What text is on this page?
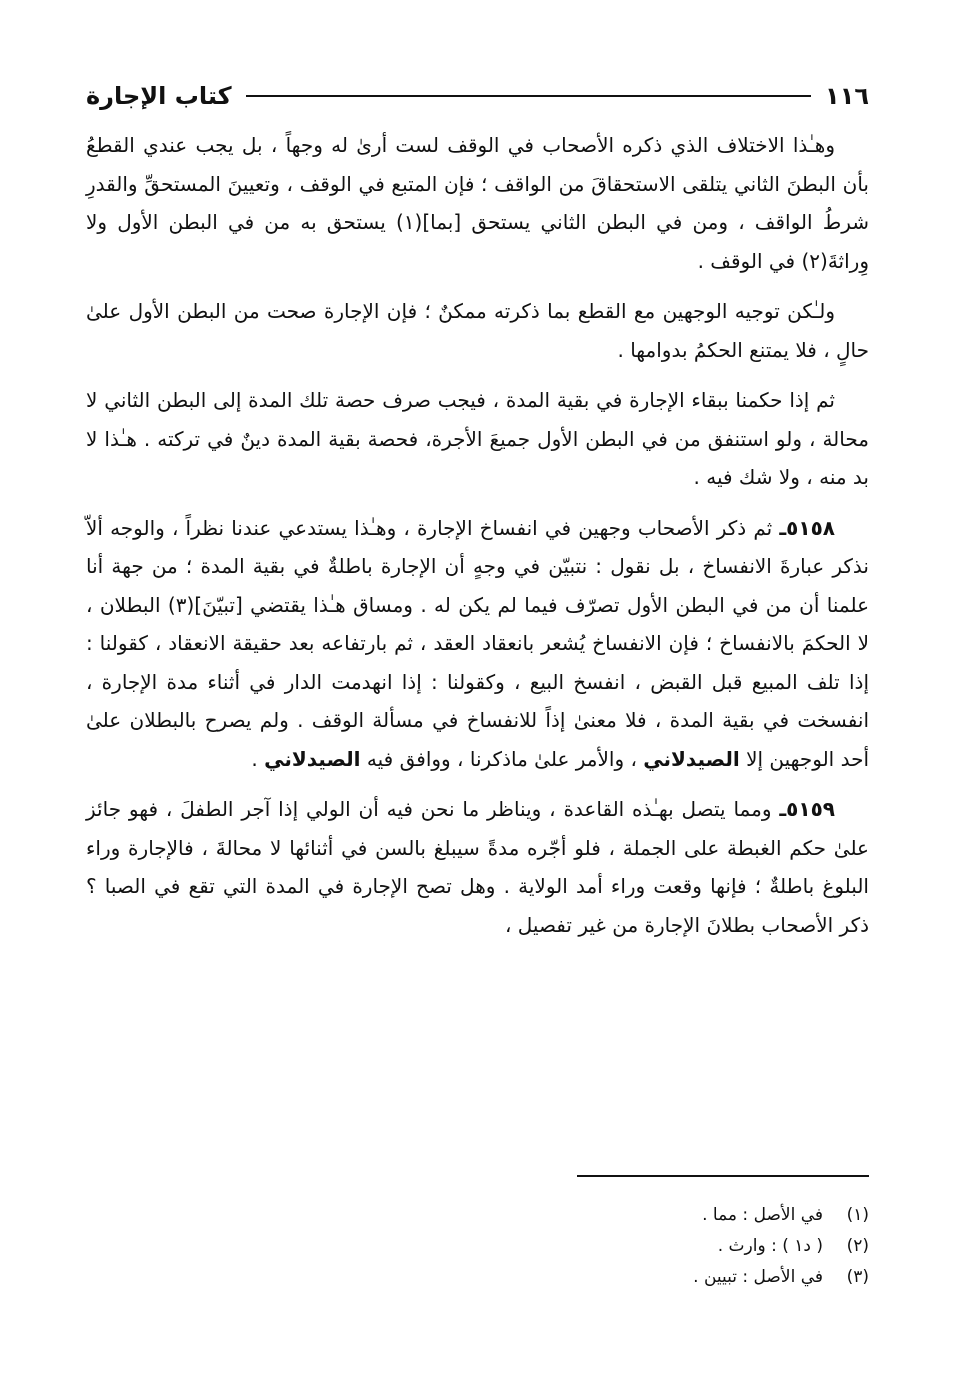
١١٦
كتاب الإجارة

وهـٰذا الاختلاف الذي ذكره الأصحاب في الوقف لست أرىٰ له وجهاً ، بل يجب عندي القطعُ بأن البطنَ الثاني يتلقى الاستحقاقَ من الواقف ؛ فإن المتبع في الوقف ، وتعيينَ المستحقِّ والقدرِ شرطُ الواقف ، ومن في البطن الثاني يستحق [بما](١) يستحق به من في البطن الأول ولا وِراثةَ(٢) في الوقف .

ولـٰكن توجيه الوجهين مع القطع بما ذكرته ممكنٌ ؛ فإن الإجارة صحت من البطن الأول علىٰ حالٍ ، فلا يمتنع الحكمُ بدوامها .

ثم إذا حكمنا ببقاء الإجارة في بقية المدة ، فيجب صرف حصة تلك المدة إلى البطن الثاني لا محالة ، ولو استنفق من في البطن الأول جميعَ الأجرة، فحصة بقية المدة دينٌ في تركته . هـٰذا لا بد منه ، ولا شك فيه .

٥١٥٨ـ ثم ذكر الأصحاب وجهين في انفساخ الإجارة ، وهـٰذا يستدعي عندنا نظراً ، والوجه ألاّ نذكر عبارةَ الانفساخ ، بل نقول : نتبيّن في وجهٍ أن الإجارة باطلةٌ في بقية المدة ؛ من جهة أنا علمنا أن من في البطن الأول تصرّف فيما لم يكن له . ومساق هـٰذا يقتضي [تبيّنَ](٣) البطلان ، لا الحكمَ بالانفساخ ؛ فإن الانفساخ يُشعر بانعقاد العقد ، ثم بارتفاعه بعد حقيقة الانعقاد ، كقولنا : إذا تلف المبيع قبل القبض ، انفسخ البيع ، وكقولنا : إذا انهدمت الدار في أثناء مدة الإجارة ، انفسخت في بقية المدة ، فلا معنىٰ إذاً للانفساخ في مسألة الوقف . ولم يصرح بالبطلان علىٰ أحد الوجهين إلا الصيدلاني ، والأمر علىٰ ماذكرنا ، ووافق فيه الصيدلاني .

٥١٥٩ـ ومما يتصل بهـٰذه القاعدة ، ويناظر ما نحن فيه أن الولي إذا آجر الطفلَ ، فهو جائز علىٰ حكم الغبطة على الجملة ، فلو أجّره مدةً سيبلغ بالسن في أثنائها لا محالةَ ، فالإجارة وراء البلوغ باطلةٌ ؛ فإنها وقعت وراء أمد الولاية . وهل تصح الإجارة في المدة التي تقع في الصبا ؟ ذكر الأصحاب بطلانَ الإجارة من غير تفصيل ،

(١)
في الأصل : مما .
(٢)
( د١ ) : وارث .
(٣)
في الأصل : تبيين .
